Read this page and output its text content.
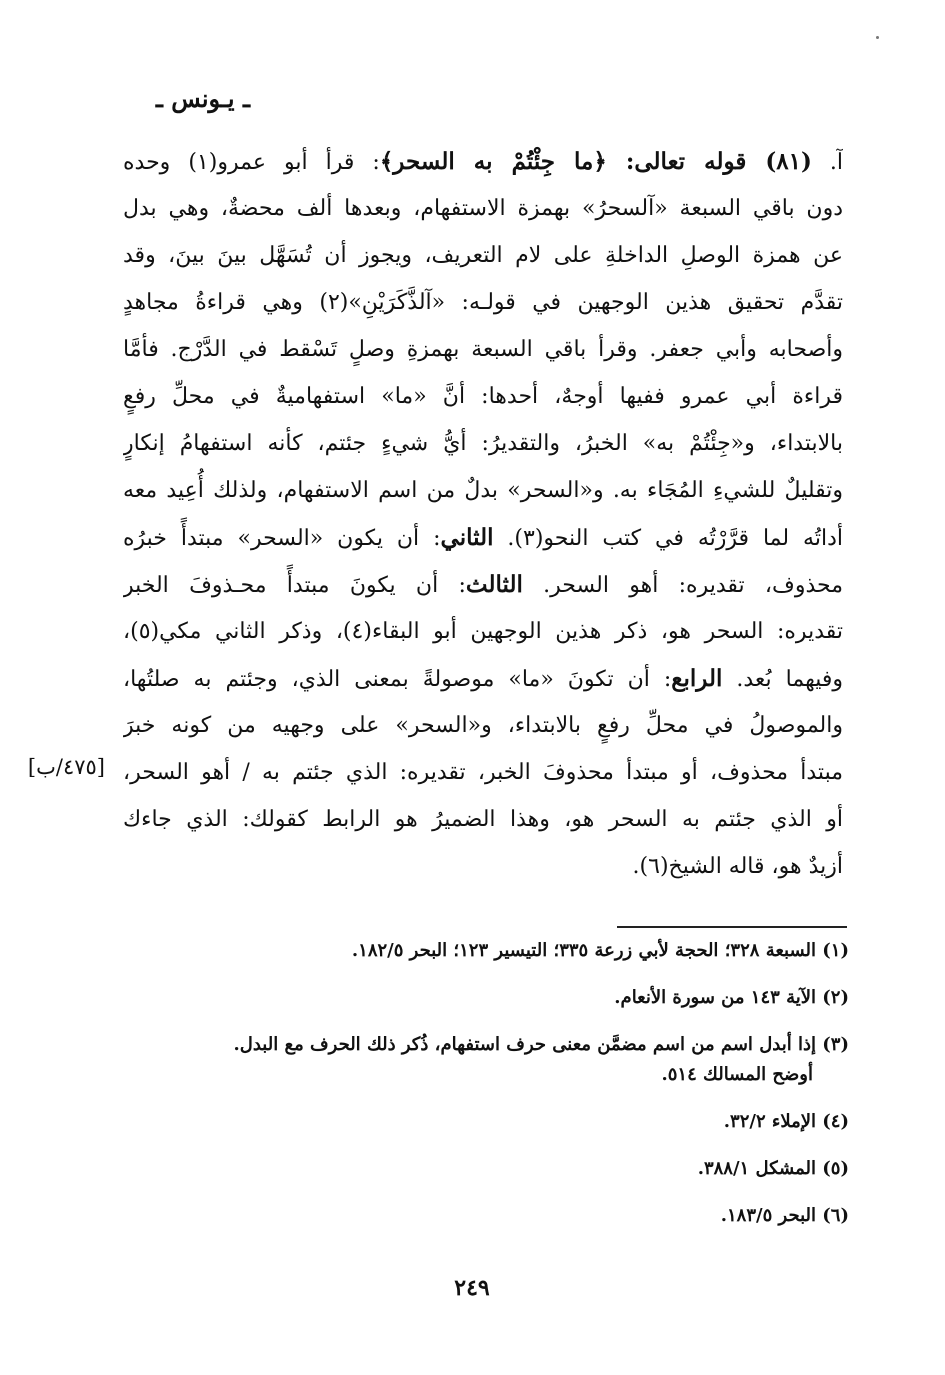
ـ يـونس ـ
آ. (٨١) قوله تعالى: ﴿ما جِئْتُمْ به السحر﴾: قرأ أبو عمرو(١) وحده
دون باقي السبعة «آلسحرُ» بهمزة الاستفهام، وبعدها ألف محضةٌ، وهي بدل
عن همزة الوصلِ الداخلةِ على لام التعريف، ويجوز أن تُسَهَّل بينَ بينَ، وقد
تقدَّم تحقيق هذين الوجهين في قولـه: «آلذَّكَرَيْنِ»(٢) وهي قراءةُ مجاهدٍ
وأصحابه وأبي جعفر. وقرأ باقي السبعة بهمزةِ وصلٍ تَسْقط في الدَّرْج. فأمَّا
قراءة أبي عمرو ففيها أوجهٌ، أحدها: أنَّ «ما» استفهاميةٌ في محلِّ رفعٍ
بالابتداء، و«جِئْتُمْ به» الخبرُ، والتقديرُ: أيُّ شيءٍ جئتم، كأنه استفهامُ إنكارٍ
وتقليلٌ للشيءِ المُجَاء به. و«السحر» بدلٌ من اسم الاستفهام، ولذلك أُعِيد معه
أداتُه لما قرَّرْتُه في كتب النحو(٣). الثاني: أن يكون «السحر» مبتدأً خبرُه
محذوف، تقديره: أهو السحر. الثالث: أن يكونَ مبتدأً محـذوفَ الخبر
تقديره: السحر هو، ذكر هذين الوجهين أبو البقاء(٤)، وذكر الثاني مكي(٥)،
وفيهما بُعد. الرابع: أن تكونَ «ما» موصولةً بمعنى الذي، وجئتم به صلتُها،
والموصولُ في محلِّ رفعٍ بالابتداء، و«السحر» على وجهيه من كونه خبرَ
مبتدأ محذوف، أو مبتدأ محذوفَ الخبر، تقديره: الذي جئتم به / أهو السحر،
أو الذي جئتم به السحر هو، وهذا الضميرُ هو الرابط كقولك: الذي جاءك
أزيدٌ هو، قاله الشيخ(٦).
[٤٧٥/ب]
(١) السبعة ٣٢٨؛ الحجة لأبي زرعة ٣٣٥؛ التيسير ١٢٣؛ البحر ١٨٢/٥.
(٢) الآية ١٤٣ من سورة الأنعام.
(٣) إذا أبدل اسم من اسم مضمَّن معنى حرف استفهام، ذُكر ذلك الحرف مع البدل.
أوضح المسالك ٥١٤.
(٤) الإملاء ٣٢/٢.
(٥) المشكل ٣٨٨/١.
(٦) البحر ١٨٣/٥.
٢٤٩
